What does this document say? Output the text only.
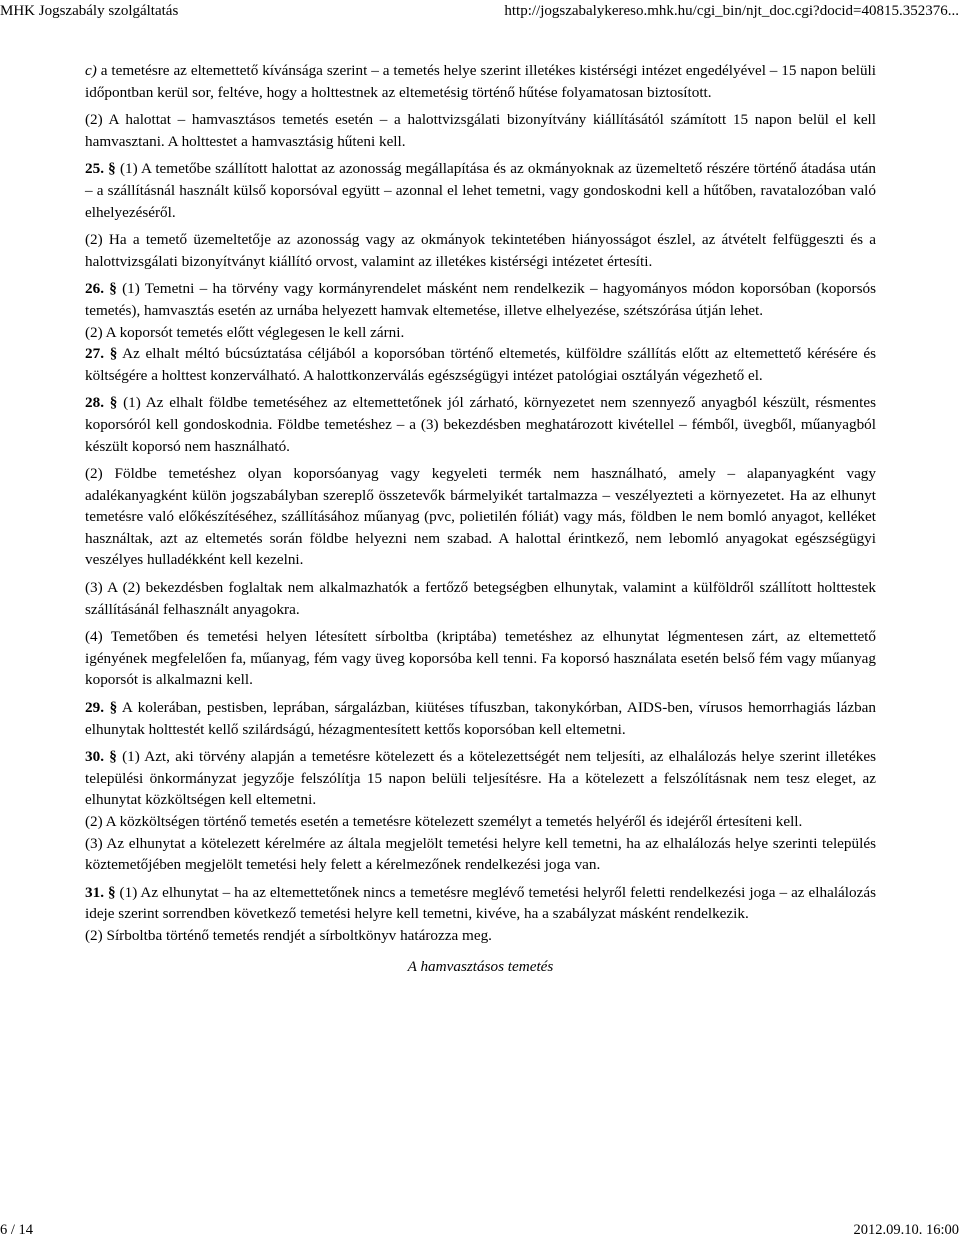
MHK Jogszabály szolgáltatás	http://jogszabalykereso.mhk.hu/cgi_bin/njt_doc.cgi?docid=40815.352376...

c) a temetésre az eltemettető kívánsága szerint – a temetés helye szerint illetékes kistérségi intézet engedélyével – 15 napon belüli időpontban kerül sor, feltéve, hogy a holttestnek az eltemetésig történő hűtése folyamatosan biztosított.

(2) A halottat – hamvasztásos temetés esetén – a halottvizsgálati bizonyítvány kiállításától számított 15 napon belül el kell hamvasztani. A holttestet a hamvasztásig hűteni kell.

25. § (1) A temetőbe szállított halottat az azonosság megállapítása és az okmányoknak az üzemeltető részére történő átadása után – a szállításnál használt külső koporsóval együtt – azonnal el lehet temetni, vagy gondoskodni kell a hűtőben, ravatalozóban való elhelyezéséről.

(2) Ha a temető üzemeltetője az azonosság vagy az okmányok tekintetében hiányosságot észlel, az átvételt felfüggeszti és a halottvizsgálati bizonyítványt kiállító orvost, valamint az illetékes kistérségi intézetet értesíti.

26. § (1) Temetni – ha törvény vagy kormányrendelet másként nem rendelkezik – hagyományos módon koporsóban (koporsós temetés), hamvasztás esetén az urnába helyezett hamvak eltemetése, illetve elhelyezése, szétszórása útján lehet.

(2) A koporsót temetés előtt véglegesen le kell zárni.

27. § Az elhalt méltó búcsúztatása céljából a koporsóban történő eltemetés, külföldre szállítás előtt az eltemettető kérésére és költségére a holttest konzerválható. A halottkonzerválás egészségügyi intézet patológiai osztályán végezhető el.

28. § (1) Az elhalt földbe temetéséhez az eltemettetőnek jól zárható, környezetet nem szennyező anyagból készült, résmentes koporsóról kell gondoskodnia. Földbe temetéshez – a (3) bekezdésben meghatározott kivétellel – fémből, üvegből, műanyagból készült koporsó nem használható.

(2) Földbe temetéshez olyan koporsóanyag vagy kegyeleti termék nem használható, amely – alapanyagként vagy adalékanyagként külön jogszabályban szereplő összetevők bármelyikét tartalmazza – veszélyezteti a környezetet. Ha az elhunyt temetésre való előkészítéséhez, szállításához műanyag (pvc, polietilén fóliát) vagy más, földben le nem bomló anyagot, kelléket használtak, azt az eltemetés során földbe helyezni nem szabad. A halottal érintkező, nem lebomló anyagokat egészségügyi veszélyes hulladékként kell kezelni.

(3) A (2) bekezdésben foglaltak nem alkalmazhatók a fertőző betegségben elhunytak, valamint a külföldről szállított holttestek szállításánál felhasznált anyagokra.

(4) Temetőben és temetési helyen létesített sírboltba (kriptába) temetéshez az elhunytat légmentesen zárt, az eltemettető igényének megfelelően fa, műanyag, fém vagy üveg koporsóba kell tenni. Fa koporsó használata esetén belső fém vagy műanyag koporsót is alkalmazni kell.

29. § A kolerában, pestisben, leprában, sárgalázban, kiütéses tífuszban, takonykórban, AIDS-ben, vírusos hemorrhagiás lázban elhunytak holttestét kellő szilárdságú, hézagmentesített kettős koporsóban kell eltemetni.

30. § (1) Azt, aki törvény alapján a temetésre kötelezett és a kötelezettségét nem teljesíti, az elhalálozás helye szerint illetékes települési önkormányzat jegyzője felszólítja 15 napon belüli teljesítésre. Ha a kötelezett a felszólításnak nem tesz eleget, az elhunytat közköltségen kell eltemetni.

(2) A közköltségen történő temetés esetén a temetésre kötelezett személyt a temetés helyéről és idejéről értesíteni kell.

(3) Az elhunytat a kötelezett kérelmére az általa megjelölt temetési helyre kell temetni, ha az elhalálozás helye szerinti település köztemetőjében megjelölt temetési hely felett a kérelmezőnek rendelkezési joga van.

31. § (1) Az elhunytat – ha az eltemettetőnek nincs a temetésre meglévő temetési helyről feletti rendelkezési joga – az elhalálozás ideje szerint sorrendben következő temetési helyre kell temetni, kivéve, ha a szabályzat másként rendelkezik.

(2) Sírboltba történő temetés rendjét a sírboltkönyv határozza meg.

A hamvasztásos temetés

6 / 14	2012.09.10. 16:00
